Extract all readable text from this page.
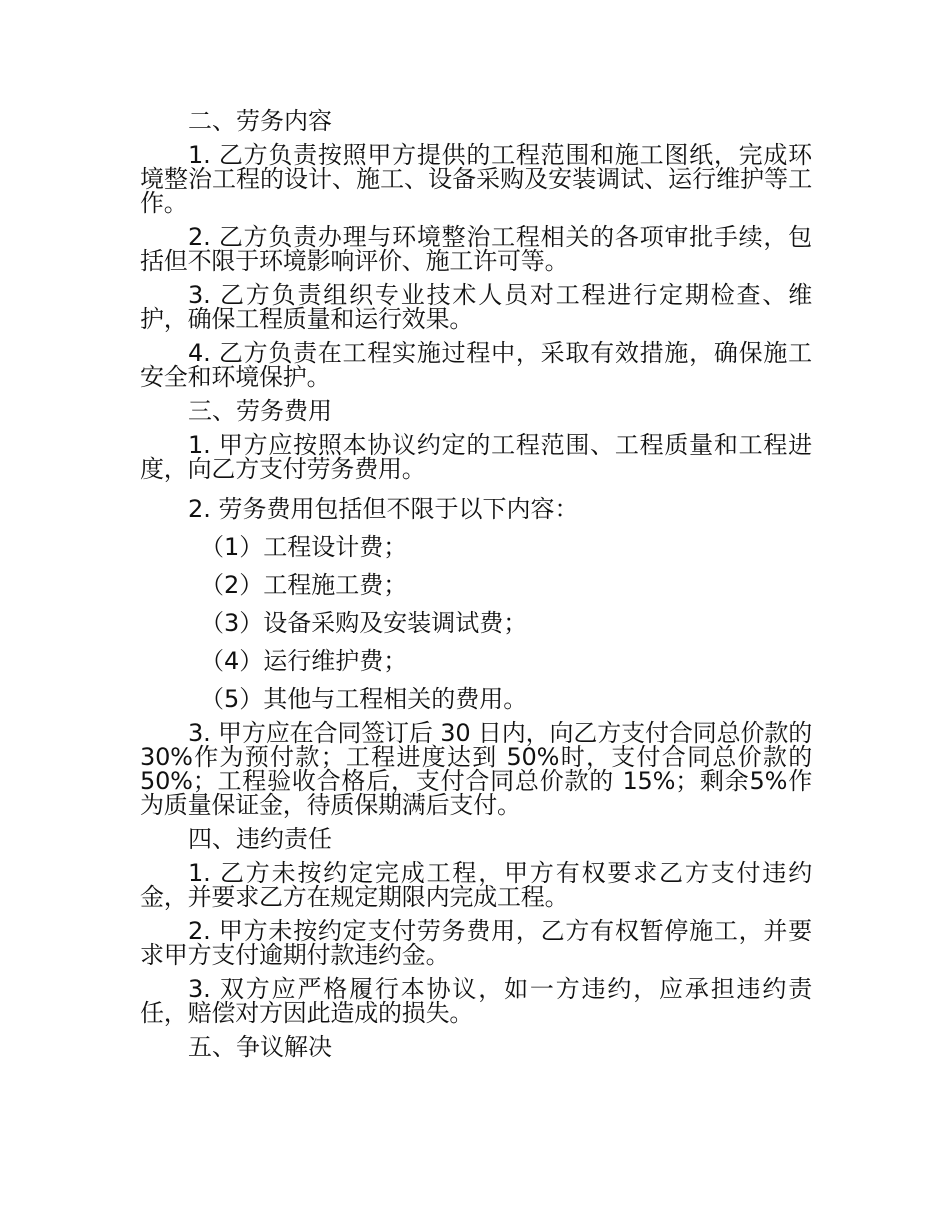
二、劳务内容

1. 乙方负责按照甲方提供的工程范围和施工图纸，完成环境整治工程的设计、施工、设备采购及安装调试、运行维护等工作。

2. 乙方负责办理与环境整治工程相关的各项审批手续，包括但不限于环境影响评价、施工许可等。

3. 乙方负责组织专业技术人员对工程进行定期检查、维护，确保工程质量和运行效果。

4. 乙方负责在工程实施过程中，采取有效措施，确保施工安全和环境保护。

三、劳务费用

1. 甲方应按照本协议约定的工程范围、工程质量和工程进度，向乙方支付劳务费用。

2. 劳务费用包括但不限于以下内容：
（1）工程设计费；
（2）工程施工费；
（3）设备采购及安装调试费；
（4）运行维护费；
（5）其他与工程相关的费用。

3. 甲方应在合同签订后 30 日内，向乙方支付合同总价款的 30%作为预付款；工程进度达到 50%时，支付合同总价款的 50%；工程验收合格后，支付合同总价款的 15%；剩余5%作为质量保证金，待质保期满后支付。

四、违约责任

1. 乙方未按约定完成工程，甲方有权要求乙方支付违约金，并要求乙方在规定期限内完成工程。

2. 甲方未按约定支付劳务费用，乙方有权暂停施工，并要求甲方支付逾期付款违约金。

3. 双方应严格履行本协议，如一方违约，应承担违约责任，赔偿对方因此造成的损失。

五、争议解决
